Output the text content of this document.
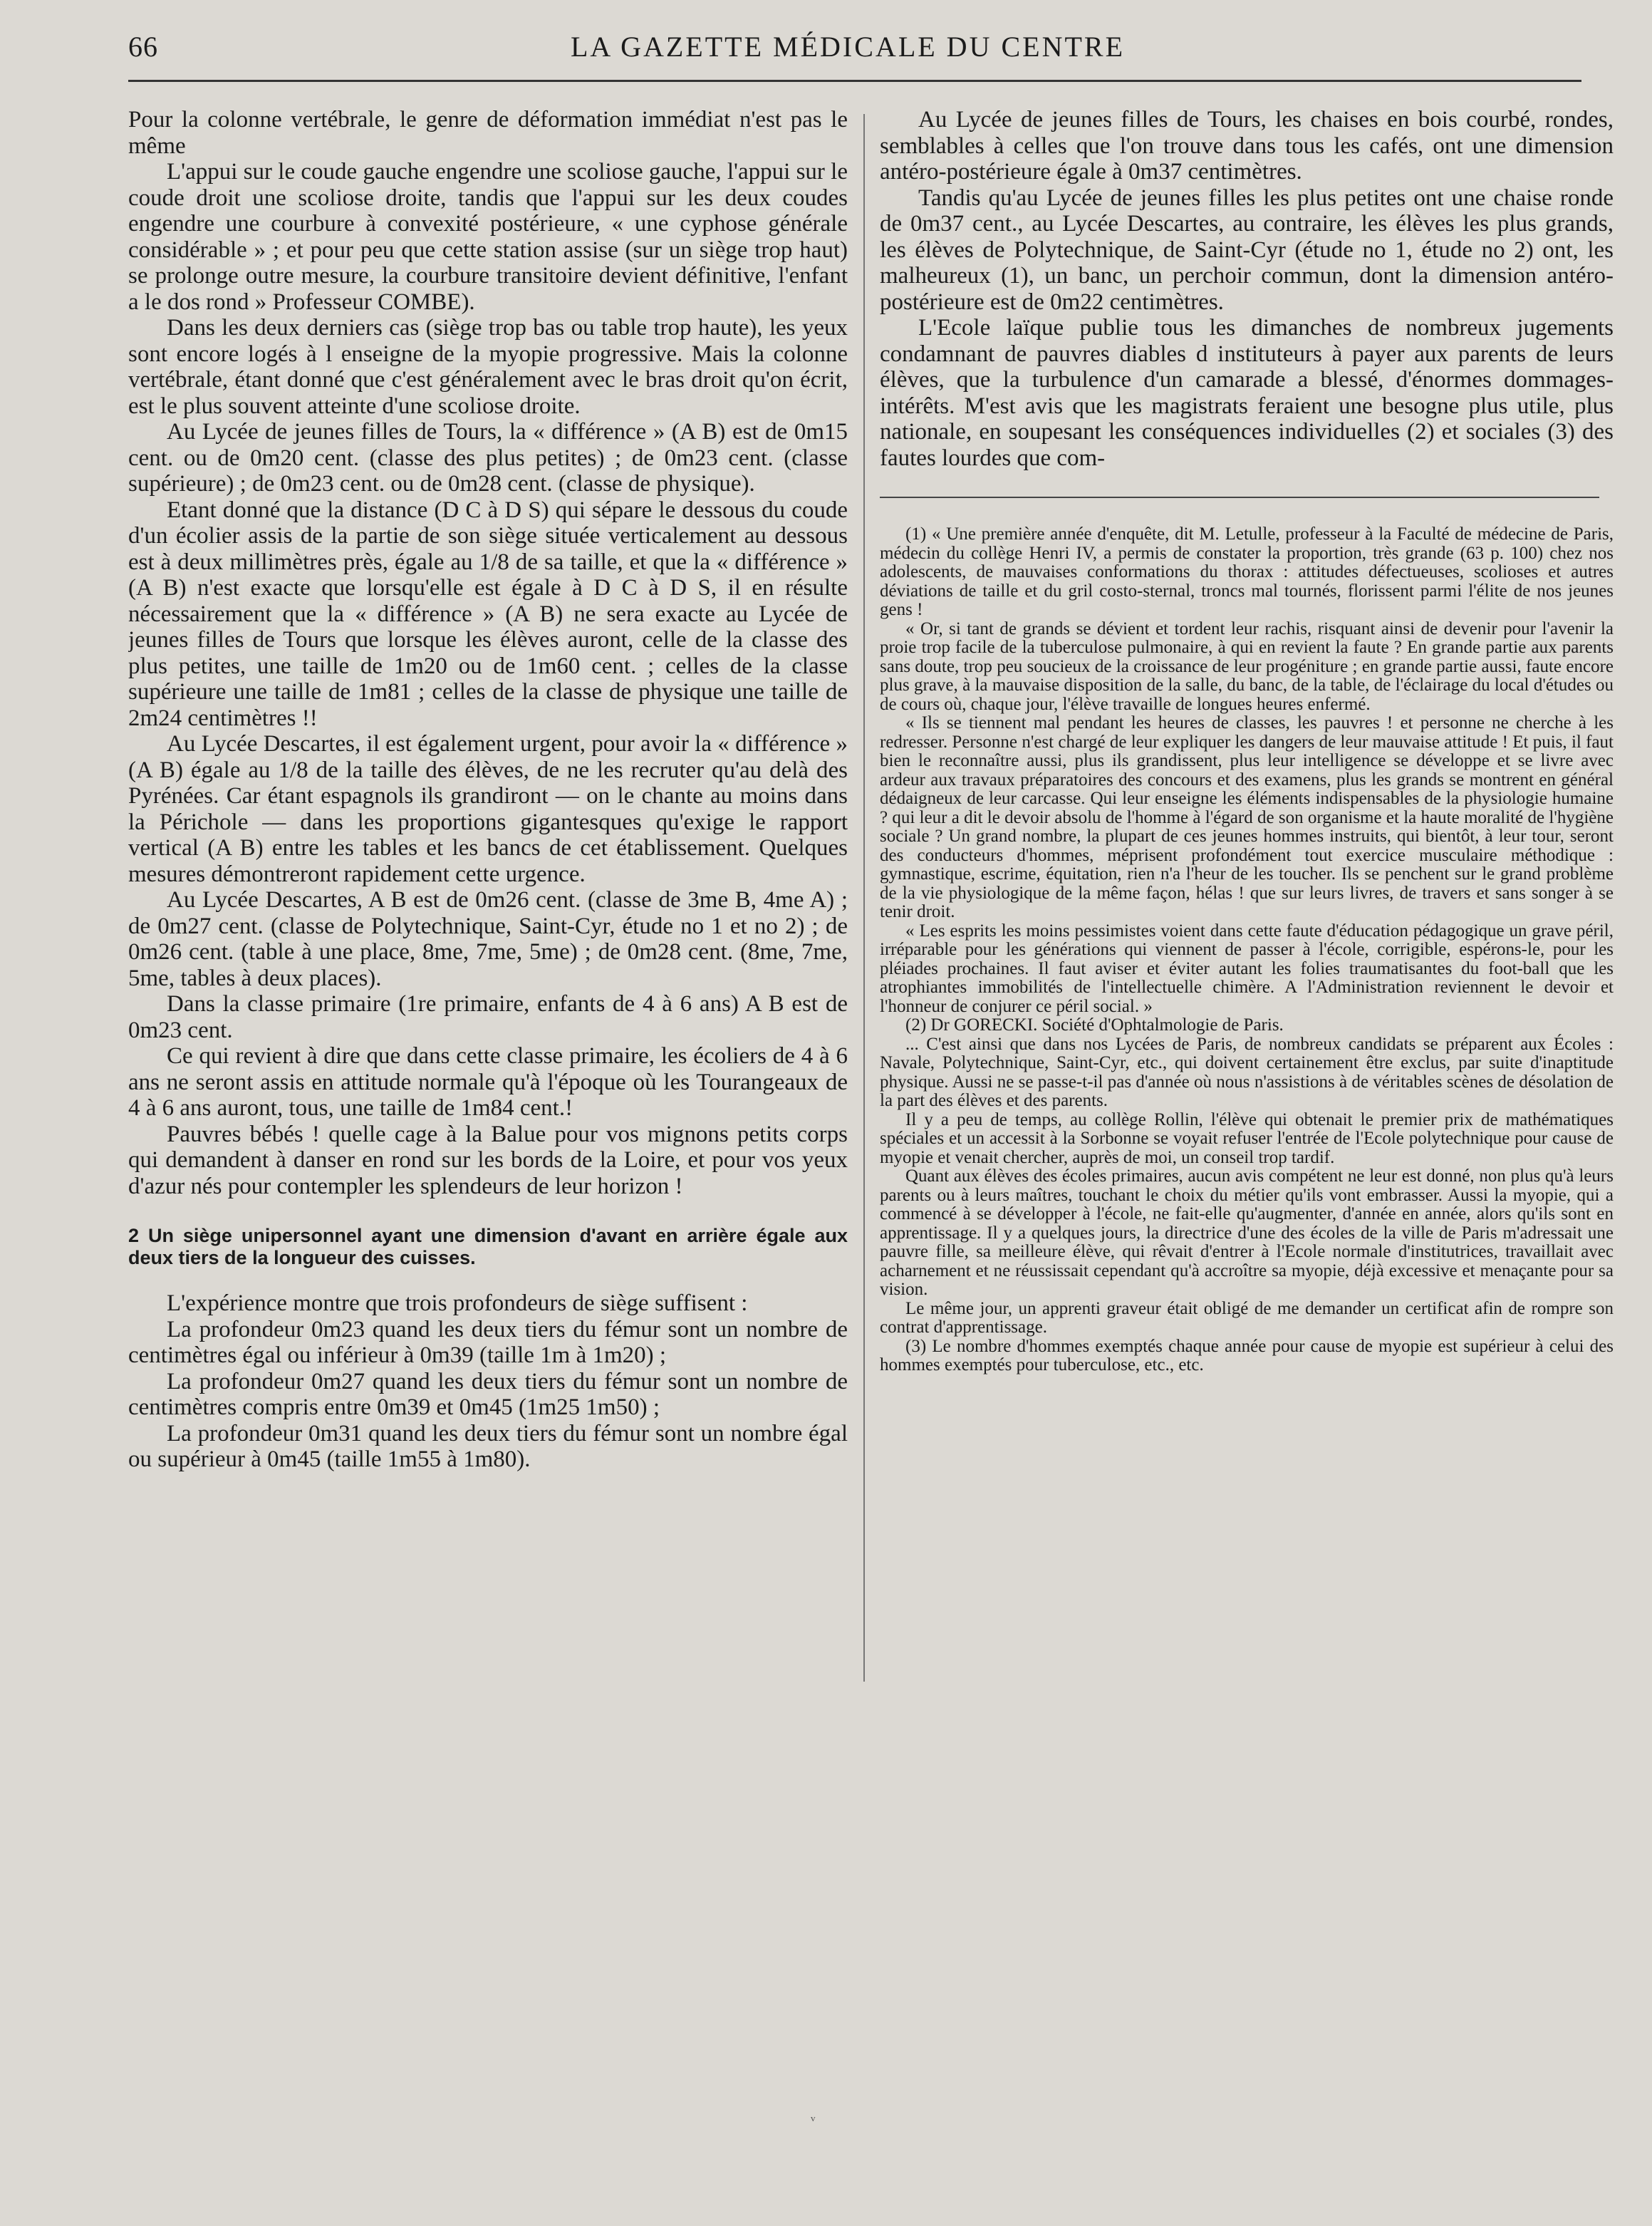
66	LA GAZETTE MÉDICALE DU CENTRE

Pour la colonne vertébrale, le genre de déformation immédiat n'est pas le même

L'appui sur le coude gauche engendre une scoliose gauche, l'appui sur le coude droit une scoliose droite, tandis que l'appui sur les deux coudes engendre une courbure à convexité postérieure, « une cyphose générale considérable » ; et pour peu que cette station assise (sur un siège trop haut) se prolonge outre mesure, la courbure transitoire devient définitive, l'enfant a le dos rond » Professeur COMBE).

Dans les deux derniers cas (siège trop bas ou table trop haute), les yeux sont encore logés à l enseigne de la myopie progressive. Mais la colonne vertébrale, étant donné que c'est généralement avec le bras droit qu'on écrit, est le plus souvent atteinte d'une scoliose droite.

Au Lycée de jeunes filles de Tours, la « différence » (A B) est de 0m15 cent. ou de 0m20 cent. (classe des plus petites) ; de 0m23 cent. (classe supérieure) ; de 0m23 cent. ou de 0m28 cent. (classe de physique).

Etant donné que la distance (D C à D S) qui sépare le dessous du coude d'un écolier assis de la partie de son siège située verticalement au dessous est à deux millimètres près, égale au 1/8 de sa taille, et que la « différence » (A B) n'est exacte que lorsqu'elle est égale à D C à D S, il en résulte nécessairement que la « différence » (A B) ne sera exacte au Lycée de jeunes filles de Tours que lorsque les élèves auront, celle de la classe des plus petites, une taille de 1m20 ou de 1m60 cent. ; celles de la classe supérieure une taille de 1m81 ; celles de la classe de physique une taille de 2m24 centimètres !!

Au Lycée Descartes, il est également urgent, pour avoir la « différence » (A B) égale au 1/8 de la taille des élèves, de ne les recruter qu'au delà des Pyrénées. Car étant espagnols ils grandiront — on le chante au moins dans la Périchole — dans les proportions gigantesques qu'exige le rapport vertical (A B) entre les tables et les bancs de cet établissement. Quelques mesures démontreront rapidement cette urgence.

Au Lycée Descartes, A B est de 0m26 cent. (classe de 3me B, 4me A) ; de 0m27 cent. (classe de Polytechnique, Saint-Cyr, étude no 1 et no 2) ; de 0m26 cent. (table à une place, 8me, 7me, 5me) ; de 0m28 cent. (8me, 7me, 5me, tables à deux places).

Dans la classe primaire (1re primaire, enfants de 4 à 6 ans) A B est de 0m23 cent.

Ce qui revient à dire que dans cette classe primaire, les écoliers de 4 à 6 ans ne seront assis en attitude normale qu'à l'époque où les Tourangeaux de 4 à 6 ans auront, tous, une taille de 1m84 cent.!

Pauvres bébés ! quelle cage à la Balue pour vos mignons petits corps qui demandent à danser en rond sur les bords de la Loire, et pour vos yeux d'azur nés pour contempler les splendeurs de leur horizon !

2 Un siège unipersonnel ayant une dimension d'avant en arrière égale aux deux tiers de la longueur des cuisses.

L'expérience montre que trois profondeurs de siège suffisent :

La profondeur 0m23 quand les deux tiers du fémur sont un nombre de centimètres égal ou inférieur à 0m39 (taille 1m à 1m20) ;

La profondeur 0m27 quand les deux tiers du fémur sont un nombre de centimètres compris entre 0m39 et 0m45 (1m25 1m50) ;

La profondeur 0m31 quand les deux tiers du fémur sont un nombre égal ou supérieur à 0m45 (taille 1m55 à 1m80).

Au Lycée de jeunes filles de Tours, les chaises en bois courbé, rondes, semblables à celles que l'on trouve dans tous les cafés, ont une dimension antéro-postérieure égale à 0m37 centimètres.

Tandis qu'au Lycée de jeunes filles les plus petites ont une chaise ronde de 0m37 cent., au Lycée Descartes, au contraire, les élèves les plus grands, les élèves de Polytechnique, de Saint-Cyr (étude no 1, étude no 2) ont, les malheureux (1), un banc, un perchoir commun, dont la dimension antéro-postérieure est de 0m22 centimètres.

L'Ecole laïque publie tous les dimanches de nombreux jugements condamnant de pauvres diables d instituteurs à payer aux parents de leurs élèves, que la turbulence d'un camarade a blessé, d'énormes dommages-intérêts. M'est avis que les magistrats feraient une besogne plus utile, plus nationale, en soupesant les conséquences individuelles (2) et sociales (3) des fautes lourdes que com-

(1) « Une première année d'enquête, dit M. Letulle, professeur à la Faculté de médecine de Paris, médecin du collège Henri IV, a permis de constater la proportion, très grande (63 p. 100) chez nos adolescents, de mauvaises conformations du thorax : attitudes défectueuses, scolioses et autres déviations de taille et du gril costo-sternal, troncs mal tournés, florissent parmi l'élite de nos jeunes gens !

« Or, si tant de grands se dévient et tordent leur rachis, risquant ainsi de devenir pour l'avenir la proie trop facile de la tuberculose pulmonaire, à qui en revient la faute ? En grande partie aux parents sans doute, trop peu soucieux de la croissance de leur progéniture ; en grande partie aussi, faute encore plus grave, à la mauvaise disposition de la salle, du banc, de la table, de l'éclairage du local d'études ou de cours où, chaque jour, l'élève travaille de longues heures enfermé.

« Ils se tiennent mal pendant les heures de classes, les pauvres ! et personne ne cherche à les redresser. Personne n'est chargé de leur expliquer les dangers de leur mauvaise attitude ! Et puis, il faut bien le reconnaître aussi, plus ils grandissent, plus leur intelligence se développe et se livre avec ardeur aux travaux préparatoires des concours et des examens, plus les grands se montrent en général dédaigneux de leur carcasse. Qui leur enseigne les éléments indispensables de la physiologie humaine ? qui leur a dit le devoir absolu de l'homme à l'égard de son organisme et la haute moralité de l'hygiène sociale ? Un grand nombre, la plupart de ces jeunes hommes instruits, qui bientôt, à leur tour, seront des conducteurs d'hommes, méprisent profondément tout exercice musculaire méthodique : gymnastique, escrime, équitation, rien n'a l'heur de les toucher. Ils se penchent sur le grand problème de la vie physiologique de la même façon, hélas ! que sur leurs livres, de travers et sans songer à se tenir droit.

« Les esprits les moins pessimistes voient dans cette faute d'éducation pédagogique un grave péril, irréparable pour les générations qui viennent de passer à l'école, corrigible, espérons-le, pour les pléiades prochaines. Il faut aviser et éviter autant les folies traumatisantes du foot-ball que les atrophiantes immobilités de l'intellectuelle chimère. A l'Administration reviennent le devoir et l'honneur de conjurer ce péril social. »

(2) Dr GORECKI. Société d'Ophtalmologie de Paris.

... C'est ainsi que dans nos Lycées de Paris, de nombreux candidats se préparent aux Écoles : Navale, Polytechnique, Saint-Cyr, etc., qui doivent certainement être exclus, par suite d'inaptitude physique. Aussi ne se passe-t-il pas d'année où nous n'assistions à de véritables scènes de désolation de la part des élèves et des parents.

Il y a peu de temps, au collège Rollin, l'élève qui obtenait le premier prix de mathématiques spéciales et un accessit à la Sorbonne se voyait refuser l'entrée de l'Ecole polytechnique pour cause de myopie et venait chercher, auprès de moi, un conseil trop tardif.

Quant aux élèves des écoles primaires, aucun avis compétent ne leur est donné, non plus qu'à leurs parents ou à leurs maîtres, touchant le choix du métier qu'ils vont embrasser. Aussi la myopie, qui a commencé à se développer à l'école, ne fait-elle qu'augmenter, d'année en année, alors qu'ils sont en apprentissage. Il y a quelques jours, la directrice d'une des écoles de la ville de Paris m'adressait une pauvre fille, sa meilleure élève, qui rêvait d'entrer à l'Ecole normale d'institutrices, travaillait avec acharnement et ne réussissait cependant qu'à accroître sa myopie, déjà excessive et menaçante pour sa vision.

Le même jour, un apprenti graveur était obligé de me demander un certificat afin de rompre son contrat d'apprentissage.

(3) Le nombre d'hommes exemptés chaque année pour cause de myopie est supérieur à celui des hommes exemptés pour tuberculose, etc., etc.

ᵥ
